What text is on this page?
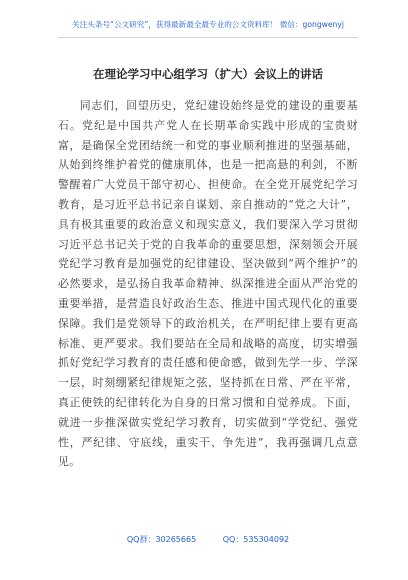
关注头条号“公文研究”，获得最新最全最专业的公文资料库！ 微信：gongwenyj
在理论学习中心组学习（扩大）会议上的讲话

同志们，回望历史，党纪建设始终是党的建设的重要基石。党纪是中国共产党人在长期革命实践中形成的宝贵财富，是确保全党团结统一和党的事业顺利推进的坚强基础，从始到终维护着党的健康肌体，也是一把高悬的利剑，不断警醒着广大党员干部守初心、担使命。在全党开展党纪学习教育，是习近平总书记亲自谋划、亲自推动的“党之大计”，具有极其重要的政治意义和现实意义，我们要深入学习贯彻习近平总书记关于党的自我革命的重要思想，深刻领会开展党纪学习教育是加强党的纪律建设、坚决做到“两个维护”的必然要求，是弘扬自我革命精神、纵深推进全面从严治党的重要举措，是营造良好政治生态、推进中国式现代化的重要保障。我们是党领导下的政治机关，在严明纪律上要有更高标准、更严要求。我们要站在全局和战略的高度，切实增强抓好党纪学习教育的责任感和使命感，做到先学一步、学深一层，时刻绷紧纪律规矩之弦，坚持抓在日常、严在平常，真正使铁的纪律转化为自身的日常习惯和自觉养成。下面，就进一步推深做实党纪学习教育，切实做到“学党纪、强党性，严纪律、守底线，重实干、争先进”，我再强调几点意见。

QQ群：30265665	QQ：535304092
